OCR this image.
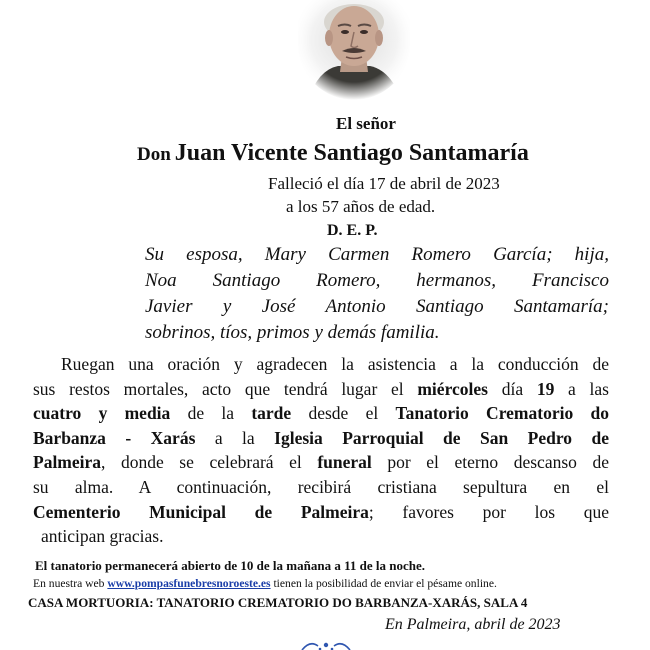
El señor
Don Juan Vicente Santiago Santamaría
Falleció el día 17 de abril de 2023
a los 57 años de edad.
D. E. P.
Su esposa, Mary Carmen Romero García; hija,
Noa Santiago Romero, hermanos, Francisco
Javier y José Antonio Santiago Santamaría;
sobrinos, tíos, primos y demás familia.
Ruegan una oración y agradecen la asistencia a la conducción de
sus restos mortales, acto que tendrá lugar el miércoles día 19 a las
cuatro y media de la tarde desde el Tanatorio Crematorio do
Barbanza - Xarás a la Iglesia Parroquial de San Pedro de
Palmeira, donde se celebrará el funeral por el eterno descanso de
su alma. A continuación, recibirá cristiana sepultura en el
Cementerio Municipal de Palmeira; favores por los que
anticipan gracias.
El tanatorio permanecerá abierto de 10 de la mañana a 11 de la noche.
En nuestra web www.pompasfunebresnoroeste.es tienen la posibilidad de enviar el pésame online.
CASA MORTUORIA: TANATORIO CREMATORIO DO BARBANZA-XARÁS, SALA 4
En Palmeira, abril de 2023
